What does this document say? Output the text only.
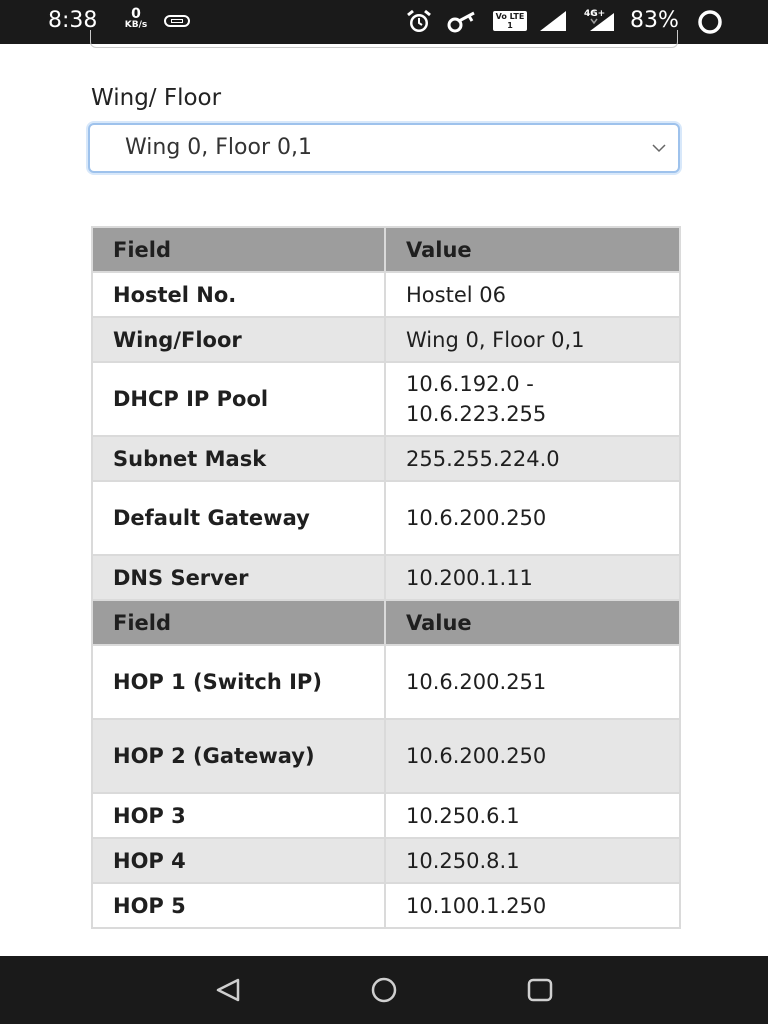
8:38	0
KB/s
Vo LTE 1
LTE 2
4G+ 83%
Wing/ Floor
Wing 0, Floor 0,1
Field	Value
Hostel No.	Hostel 06
Wing/Floor	Wing 0, Floor 0,1
DHCP IP Pool	10.6.192.0 - 10.6.223.255
Subnet Mask	255.255.224.0
Default Gateway	10.6.200.250
DNS Server	10.200.1.11
Field	Value
HOP 1 (Switch IP)	10.6.200.251
HOP 2 (Gateway)	10.6.200.250
HOP 3	10.250.6.1
HOP 4	10.250.8.1
HOP 5	10.100.1.250
